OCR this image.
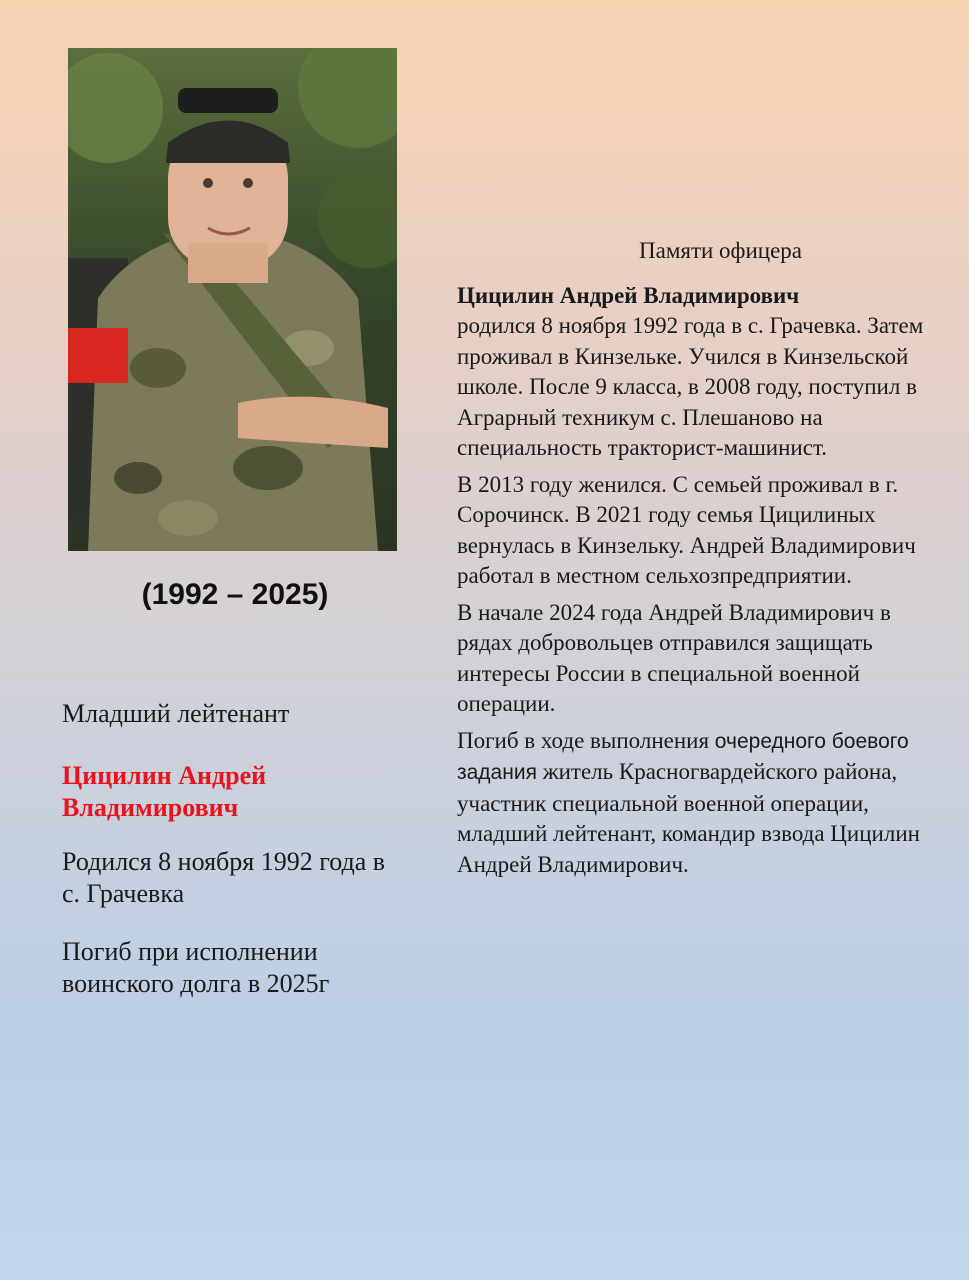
(1992 – 2025)

Младший лейтенант

Цицилин Андрей Владимирович

Родился 8 ноября 1992 года в с. Грачевка

Погиб при исполнении воинского долга в 2025г

Памяти офицера

Цицилин Андрей Владимирович
родился 8 ноября 1992 года в с. Грачевка. Затем проживал в Кинзельке. Учился в Кинзельской школе. После 9 класса, в 2008 году, поступил в Аграрный техникум с. Плешаново на специальность тракторист-машинист.

В 2013 году женился. С семьей проживал в г. Сорочинск. В 2021 году семья Цицилиных вернулась в Кинзельку. Андрей Владимирович работал в местном сельхозпредприятии.

В начале 2024 года Андрей Владимирович в рядах добровольцев отправился защищать интересы России в специальной военной операции.

Погиб в ходе выполнения очередного боевого задания житель Красногвардейского района, участник специальной военной операции, младший лейтенант, командир взвода Цицилин Андрей Владимирович.
